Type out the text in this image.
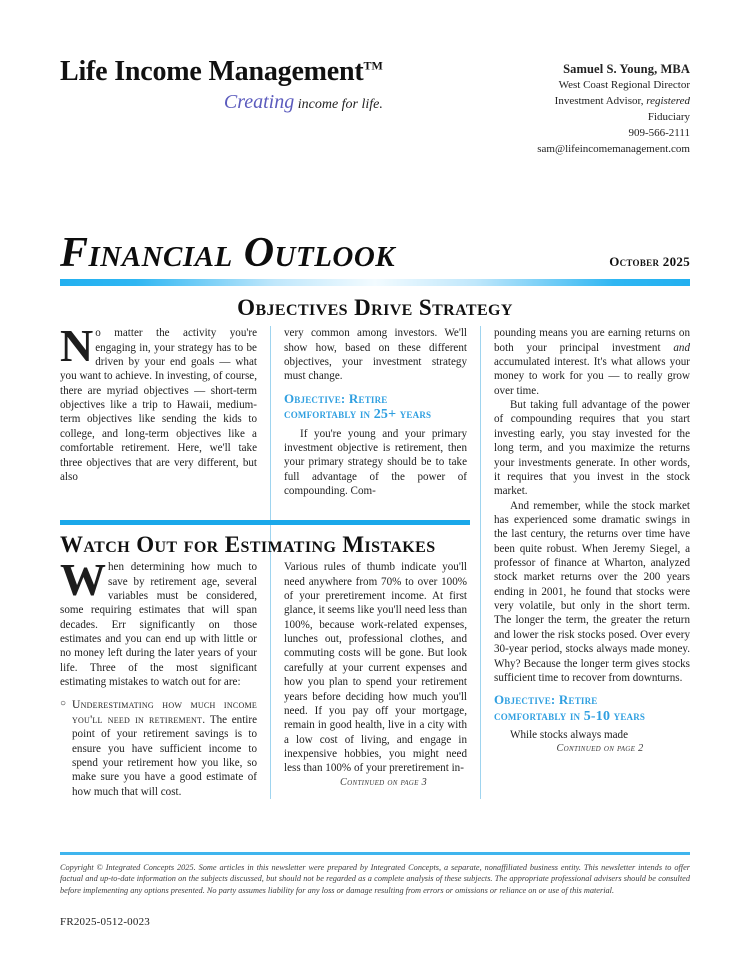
Life Income Management™
Creating income for life.
Samuel S. Young, MBA
West Coast Regional Director
Investment Advisor, registered
Fiduciary
909-566-2111
sam@lifeincomemanagement.com
Financial Outlook	October 2025
Objectives Drive Strategy

No matter the activity you're engaging in, your strategy has to be driven by your end goals — what you want to achieve. In investing, of course, there are myriad objectives — short-term objectives like a trip to Hawaii, medium-term objectives like sending the kids to college, and long-term objectives like a comfortable retirement. Here, we'll take three objectives that are very different, but also

very common among investors. We'll show how, based on these different objectives, your investment strategy must change.

Objective: Retire
comfortably in 25+ years

If you're young and your primary investment objective is retirement, then your primary strategy should be to take full advantage of the power of compounding. Com-

pounding means you are earning returns on both your principal investment and accumulated interest. It's what allows your money to work for you — to really grow over time.

But taking full advantage of the power of compounding requires that you start investing early, you stay invested for the long term, and you maximize the returns your investments generate. In other words, it requires that you invest in the stock market.

And remember, while the stock market has experienced some dramatic swings in the last century, the returns over time have been quite robust. When Jeremy Siegel, a professor of finance at Wharton, analyzed stock market returns over the 200 years ending in 2001, he found that stocks were very volatile, but only in the short term. The longer the term, the greater the return and lower the risk stocks posed. Over every 30-year period, stocks always made money. Why? Because the longer term gives stocks sufficient time to recover from downturns.

Objective: Retire
comfortably in 5-10 years

While stocks always made

Continued on page 2

Watch Out for Estimating Mistakes

When determining how much to save by retirement age, several variables must be considered, some requiring estimates that will span decades. Err significantly on those estimates and you can end up with little or no money left during the later years of your life. Three of the most significant estimating mistakes to watch out for are:

○ Underestimating how much income you'll need in retirement. The entire point of your retirement savings is to ensure you have sufficient income to spend your retirement how you like, so make sure you have a good estimate of how much that will cost.

Various rules of thumb indicate you'll need anywhere from 70% to over 100% of your preretirement income. At first glance, it seems like you'll need less than 100%, because work-related expenses, lunches out, professional clothes, and commuting costs will be gone. But look carefully at your current expenses and how you plan to spend your retirement years before deciding how much you'll need. If you pay off your mortgage, remain in good health, live in a city with a low cost of living, and engage in inexpensive hobbies, you might need less than 100% of your preretirement in-

Continued on page 3

Copyright © Integrated Concepts 2025. Some articles in this newsletter were prepared by Integrated Concepts, a separate, nonaffiliated business entity. This newsletter intends to offer factual and up-to-date information on the subjects discussed, but should not be regarded as a complete analysis of these subjects. The appropriate professional advisers should be consulted before implementing any options presented. No party assumes liability for any loss or damage resulting from errors or omissions or reliance on or use of this material.
FR2025-0512-0023
